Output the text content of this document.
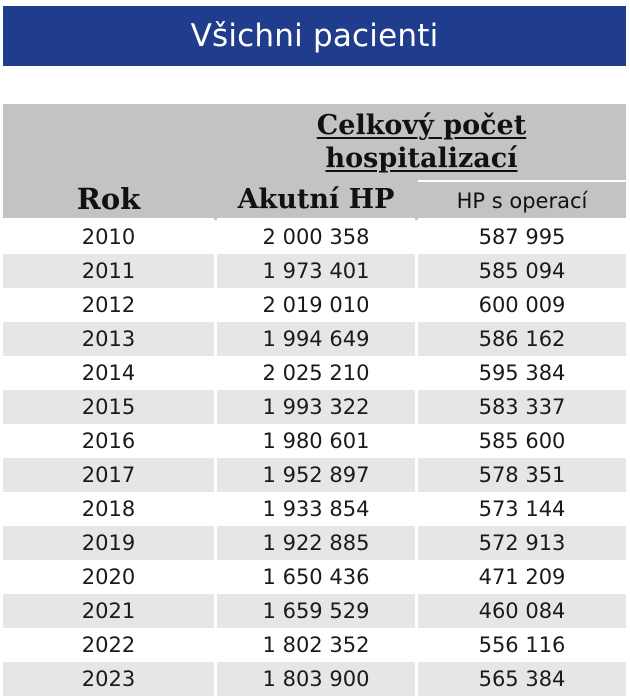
Všichni pacienti
Celkový počet
hospitalizací
Rok	Akutní HP	HP s operací
2010	2 000 358	587 995
2011	1 973 401	585 094
2012	2 019 010	600 009
2013	1 994 649	586 162
2014	2 025 210	595 384
2015	1 993 322	583 337
2016	1 980 601	585 600
2017	1 952 897	578 351
2018	1 933 854	573 144
2019	1 922 885	572 913
2020	1 650 436	471 209
2021	1 659 529	460 084
2022	1 802 352	556 116
2023	1 803 900	565 384
